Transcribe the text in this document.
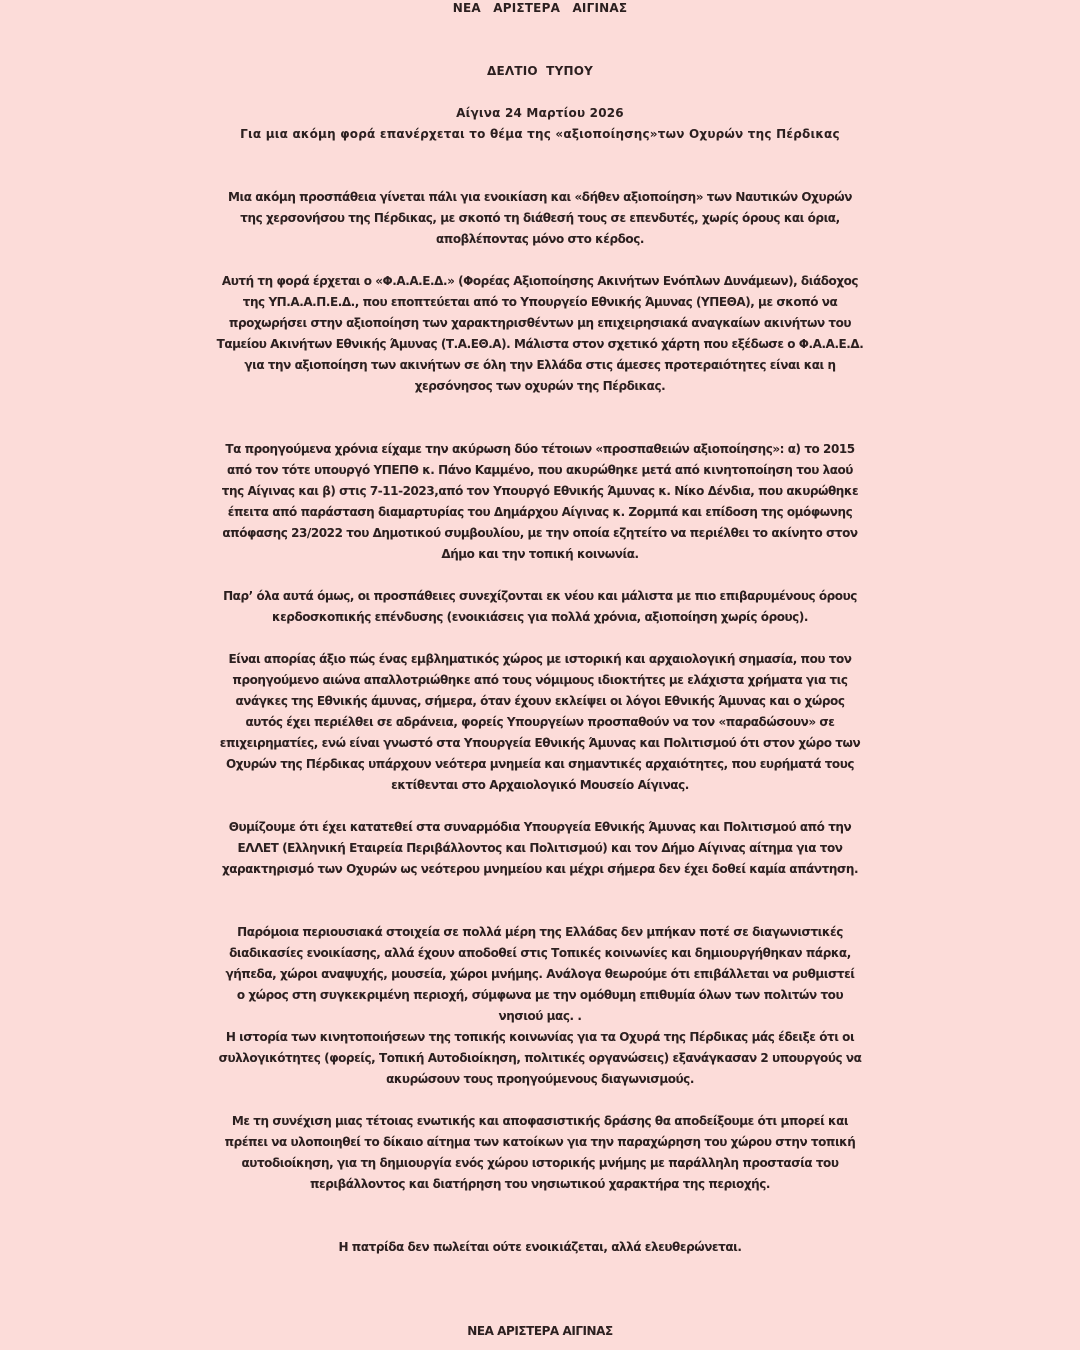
ΝΕΑ ΑΡΙΣΤΕΡΑ ΑΙΓΙΝΑΣ
ΔΕΛΤΙΟ ΤΥΠΟΥ
Αίγινα 24 Μαρτίου 2026
Για μια ακόμη φορά επανέρχεται το θέμα της «αξιοποίησης»των Οχυρών της Πέρδικας
Μια ακόμη προσπάθεια γίνεται πάλι για ενοικίαση και «δήθεν αξιοποίηση» των Ναυτικών Οχυρών
της χερσονήσου της Πέρδικας, με σκοπό τη διάθεσή τους σε επενδυτές, χωρίς όρους και όρια,
αποβλέποντας μόνο στο κέρδος.
Αυτή τη φορά έρχεται ο «Φ.Α.Α.Ε.Δ.» (Φορέας Αξιοποίησης Ακινήτων Ενόπλων Δυνάμεων), διάδοχος
της ΥΠ.Α.Α.Π.Ε.Δ., που εποπτεύεται από το Υπουργείο Εθνικής Άμυνας (ΥΠΕΘΑ), με σκοπό να
προχωρήσει στην αξιοποίηση των χαρακτηρισθέντων μη επιχειρησιακά αναγκαίων ακινήτων του
Ταμείου Ακινήτων Εθνικής Άμυνας (Τ.Α.ΕΘ.Α). Μάλιστα στον σχετικό χάρτη που εξέδωσε ο Φ.Α.Α.Ε.Δ.
για την αξιοποίηση των ακινήτων σε όλη την Ελλάδα στις άμεσες προτεραιότητες είναι και η
χερσόνησος των οχυρών της Πέρδικας.
Τα προηγούμενα χρόνια είχαμε την ακύρωση δύο τέτοιων «προσπαθειών αξιοποίησης»: α) το 2015
από τον τότε υπουργό ΥΠΕΠΘ κ. Πάνο Καμμένο, που ακυρώθηκε μετά από κινητοποίηση του λαού
της Αίγινας και β) στις 7-11-2023,από τον Υπουργό Εθνικής Άμυνας κ. Νίκο Δένδια, που ακυρώθηκε
έπειτα από παράσταση διαμαρτυρίας του Δημάρχου Αίγινας κ. Ζορμπά και επίδοση της ομόφωνης
απόφασης 23/2022 του Δημοτικού συμβουλίου, με την οποία εζητείτο να περιέλθει το ακίνητο στον
Δήμο και την τοπική κοινωνία.
Παρ’ όλα αυτά όμως, οι προσπάθειες συνεχίζονται εκ νέου και μάλιστα με πιο επιβαρυμένους όρους
κερδοσκοπικής επένδυσης (ενοικιάσεις για πολλά χρόνια, αξιοποίηση χωρίς όρους).
Είναι απορίας άξιο πώς ένας εμβληματικός χώρος με ιστορική και αρχαιολογική σημασία, που τον
προηγούμενο αιώνα απαλλοτριώθηκε από τους νόμιμους ιδιοκτήτες με ελάχιστα χρήματα για τις
ανάγκες της Εθνικής άμυνας, σήμερα, όταν έχουν εκλείψει οι λόγοι Εθνικής Άμυνας και ο χώρος
αυτός έχει περιέλθει σε αδράνεια, φορείς Υπουργείων προσπαθούν να τον «παραδώσουν» σε
επιχειρηματίες, ενώ είναι γνωστό στα Υπουργεία Εθνικής Άμυνας και Πολιτισμού ότι στον χώρο των
Οχυρών της Πέρδικας υπάρχουν νεότερα μνημεία και σημαντικές αρχαιότητες, που ευρήματά τους
εκτίθενται στο Αρχαιολογικό Μουσείο Αίγινας.
Θυμίζουμε ότι έχει κατατεθεί στα συναρμόδια Υπουργεία Εθνικής Άμυνας και Πολιτισμού από την
ΕΛΛΕΤ (Ελληνική Εταιρεία Περιβάλλοντος και Πολιτισμού) και τον Δήμο Αίγινας αίτημα για τον
χαρακτηρισμό των Οχυρών ως νεότερου μνημείου και μέχρι σήμερα δεν έχει δοθεί καμία απάντηση.
Παρόμοια περιουσιακά στοιχεία σε πολλά μέρη της Ελλάδας δεν μπήκαν ποτέ σε διαγωνιστικές
διαδικασίες ενοικίασης, αλλά έχουν αποδοθεί στις Τοπικές κοινωνίες και δημιουργήθηκαν πάρκα,
γήπεδα, χώροι αναψυχής, μουσεία, χώροι μνήμης. Ανάλογα θεωρούμε ότι επιβάλλεται να ρυθμιστεί
ο χώρος στη συγκεκριμένη περιοχή, σύμφωνα με την ομόθυμη επιθυμία όλων των πολιτών του
νησιού μας. .
Η ιστορία των κινητοποιήσεων της τοπικής κοινωνίας για τα Οχυρά της Πέρδικας μάς έδειξε ότι οι
συλλογικότητες (φορείς, Τοπική Αυτοδιοίκηση, πολιτικές οργανώσεις) εξανάγκασαν 2 υπουργούς να
ακυρώσουν τους προηγούμενους διαγωνισμούς.
Με τη συνέχιση μιας τέτοιας ενωτικής και αποφασιστικής δράσης θα αποδείξουμε ότι μπορεί και
πρέπει να υλοποιηθεί το δίκαιο αίτημα των κατοίκων για την παραχώρηση του χώρου στην τοπική
αυτοδιοίκηση, για τη δημιουργία ενός χώρου ιστορικής μνήμης με παράλληλη προστασία του
περιβάλλοντος και διατήρηση του νησιωτικού χαρακτήρα της περιοχής.
Η πατρίδα δεν πωλείται ούτε ενοικιάζεται, αλλά ελευθερώνεται.
ΝΕΑ ΑΡΙΣΤΕΡΑ ΑΙΓΙΝΑΣ
